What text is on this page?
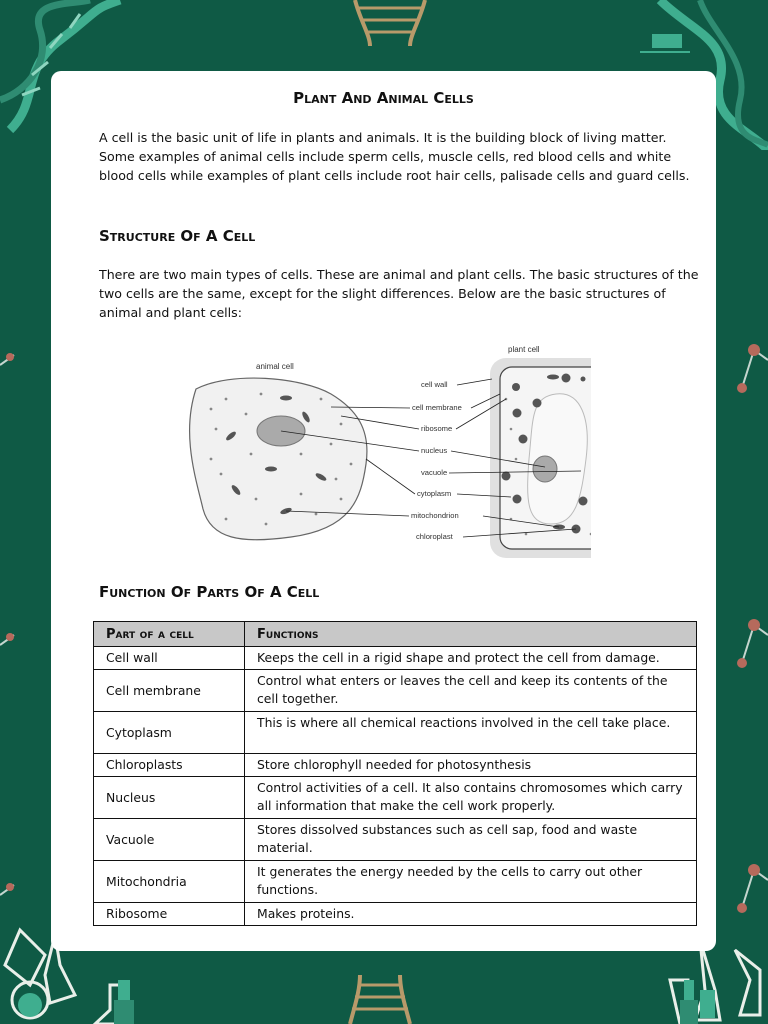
Plant And Animal Cells
A cell is the basic unit of life in plants and animals. It is the building block of living matter. Some examples of animal cells include sperm cells, muscle cells, red blood cells and white blood cells while examples of plant cells include root hair cells, palisade cells and guard cells.
Structure Of A Cell
There are two main types of cells. These are animal and plant cells. The basic structures of the two cells are the same, except for the slight differences. Below are the basic structures of animal and plant cells:
animal cell
plant cell
cell wall
cell membrane
ribosome
nucleus
vacuole
cytoplasm
mitochondrion
chloroplast
Function Of Parts Of A Cell
Part of a cell	Functions
Cell wall	Keeps the cell in a rigid shape and protect the cell from damage.
Cell membrane	Control what enters or leaves the cell and keep its contents of the cell together.
Cytoplasm	This is where all chemical reactions involved in the cell take place.
Chloroplasts	Store chlorophyll needed for photosynthesis
Nucleus	Control activities of a cell. It also contains chromosomes which carry all information that make the cell work properly.
Vacuole	Stores dissolved substances such as cell sap, food and waste material.
Mitochondria	It generates the energy needed by the cells to carry out other functions.
Ribosome	Makes proteins.
